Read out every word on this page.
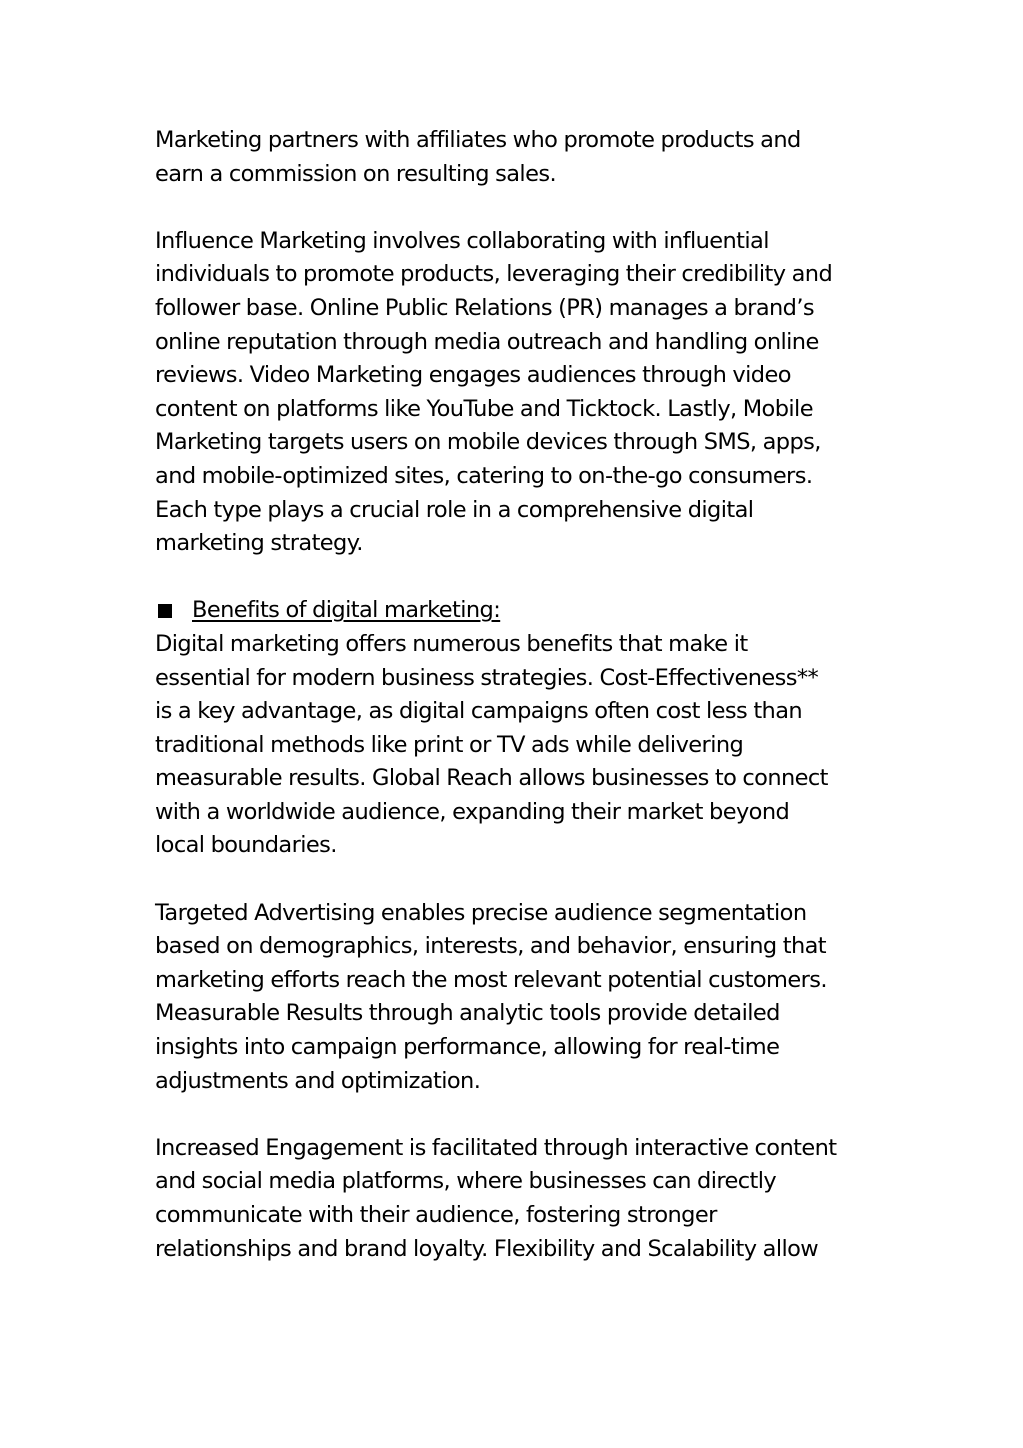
Marketing partners with affiliates who promote products and
earn a commission on resulting sales.

Influence Marketing involves collaborating with influential
individuals to promote products, leveraging their credibility and
follower base. Online Public Relations (PR) manages a brand’s
online reputation through media outreach and handling online
reviews. Video Marketing engages audiences through video
content on platforms like YouTube and Ticktock. Lastly, Mobile
Marketing targets users on mobile devices through SMS, apps,
and mobile-optimized sites, catering to on-the-go consumers.
Each type plays a crucial role in a comprehensive digital
marketing strategy.

Benefits of digital marketing:

Digital marketing offers numerous benefits that make it
essential for modern business strategies. Cost-Effectiveness**
is a key advantage, as digital campaigns often cost less than
traditional methods like print or TV ads while delivering
measurable results. Global Reach allows businesses to connect
with a worldwide audience, expanding their market beyond
local boundaries.

Targeted Advertising enables precise audience segmentation
based on demographics, interests, and behavior, ensuring that
marketing efforts reach the most relevant potential customers.
Measurable Results through analytic tools provide detailed
insights into campaign performance, allowing for real-time
adjustments and optimization.

Increased Engagement is facilitated through interactive content
and social media platforms, where businesses can directly
communicate with their audience, fostering stronger
relationships and brand loyalty. Flexibility and Scalability allow
